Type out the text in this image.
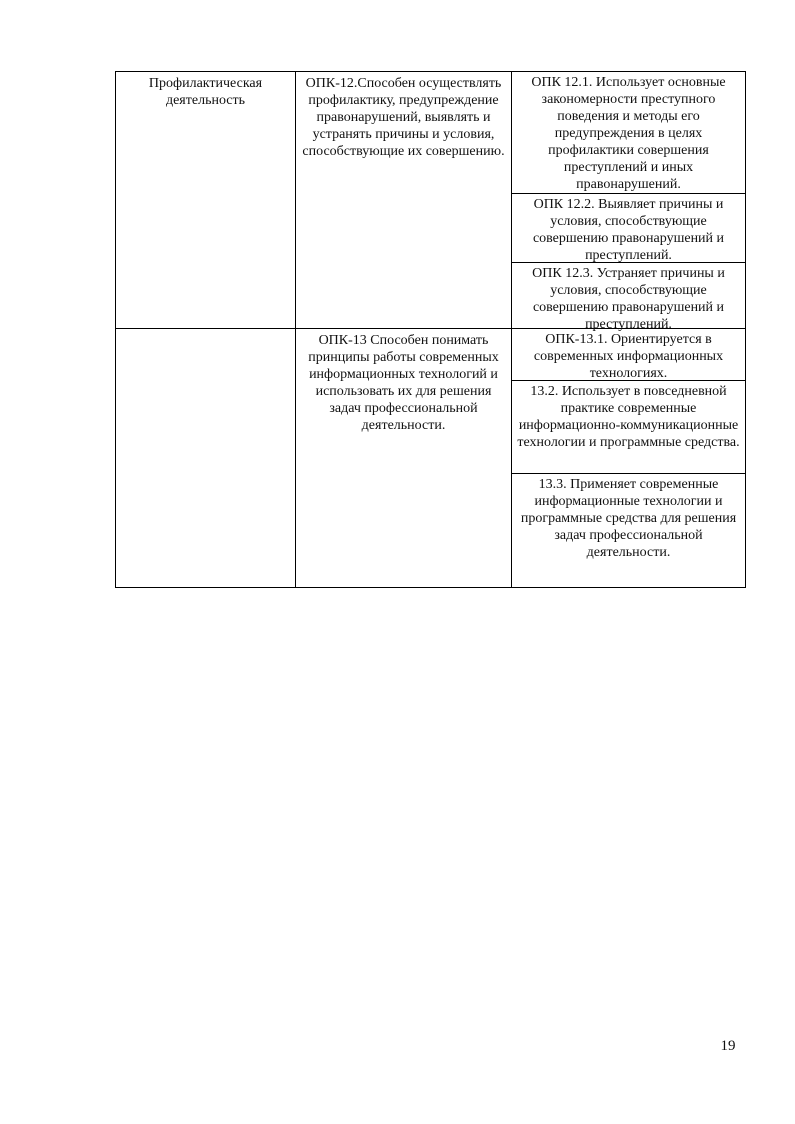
Профилактическая деятельность
ОПК-12.Способен осуществлять профилактику, предупреждение правонарушений, выявлять и устранять причины и условия, способствующие их совершению.
ОПК 12.1. Использует основные закономерности преступного поведения и методы его предупреждения в целях профилактики совершения преступлений и иных правонарушений.
ОПК 12.2. Выявляет причины и условия, способствующие совершению правонарушений и преступлений.
ОПК 12.3. Устраняет причины и условия, способствующие совершению правонарушений и преступлений.
ОПК-13 Способен понимать принципы работы современных информационных технологий и использовать их для решения задач профессиональной деятельности.
ОПК-13.1. Ориентируется в современных информационных технологиях.
13.2. Использует в повседневной практике современные информационно-коммуникационные технологии и программные средства.
13.3. Применяет современные информационные технологии и программные средства для решения задач профессиональной деятельности.
19
